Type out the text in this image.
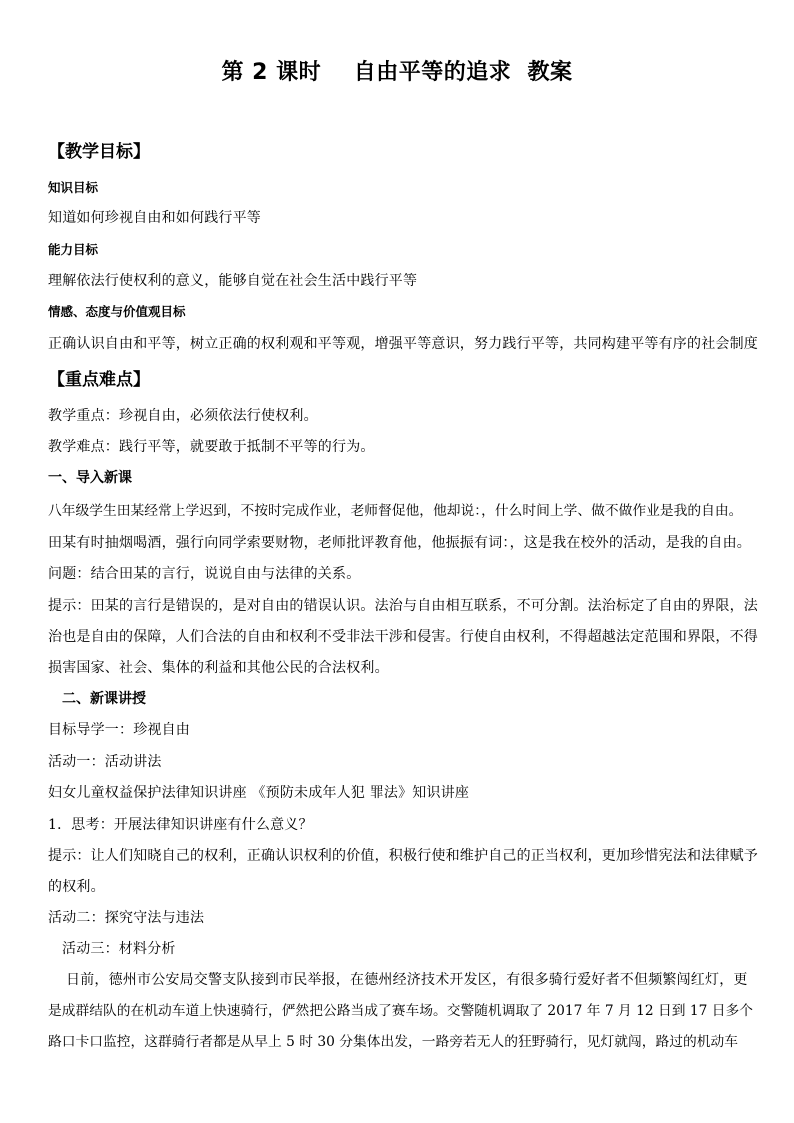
第 2 课时    自由平等的追求  教案
【教学目标】
知识目标
知道如何珍视自由和如何践行平等
能力目标
理解依法行使权利的意义，能够自觉在社会生活中践行平等
情感、态度与价值观目标
正确认识自由和平等，树立正确的权利观和平等观，增强平等意识，努力践行平等，共同构建平等有序的社会制度
【重点难点】
教学重点：珍视自由，必须依法行使权利。
教学难点：践行平等，就要敢于抵制不平等的行为。
一、导入新课
八年级学生田某经常上学迟到，不按时完成作业，老师督促他，他却说：，什么时间上学、做不做作业是我的自由。
田某有时抽烟喝酒，强行向同学索要财物，老师批评教育他，他振振有词：，这是我在校外的活动，是我的自由。
问题：结合田某的言行，说说自由与法律的关系。
提示：田某的言行是错误的，是对自由的错误认识。法治与自由相互联系，不可分割。法治标定了自由的界限，法
治也是自由的保障，人们合法的自由和权利不受非法干涉和侵害。行使自由权利，不得超越法定范围和界限，不得
损害国家、社会、集体的利益和其他公民的合法权利。
二、新课讲授
目标导学一：珍视自由
活动一：活动讲法
妇女儿童权益保护法律知识讲座 《预防未成年人犯 罪法》知识讲座
1．思考：开展法律知识讲座有什么意义？
提示：让人们知晓自己的权利，正确认识权利的价值，积极行使和维护自己的正当权利，更加珍惜宪法和法律赋予
的权利。
活动二：探究守法与违法
活动三：材料分析
日前，德州市公安局交警支队接到市民举报，在德州经济技术开发区，有很多骑行爱好者不但频繁闯红灯，更
是成群结队的在机动车道上快速骑行，俨然把公路当成了赛车场。交警随机调取了 2017 年 7 月 12 日到 17 日多个
路口卡口监控，这群骑行者都是从早上 5 时 30 分集体出发，一路旁若无人的狂野骑行，见灯就闯，路过的机动车
